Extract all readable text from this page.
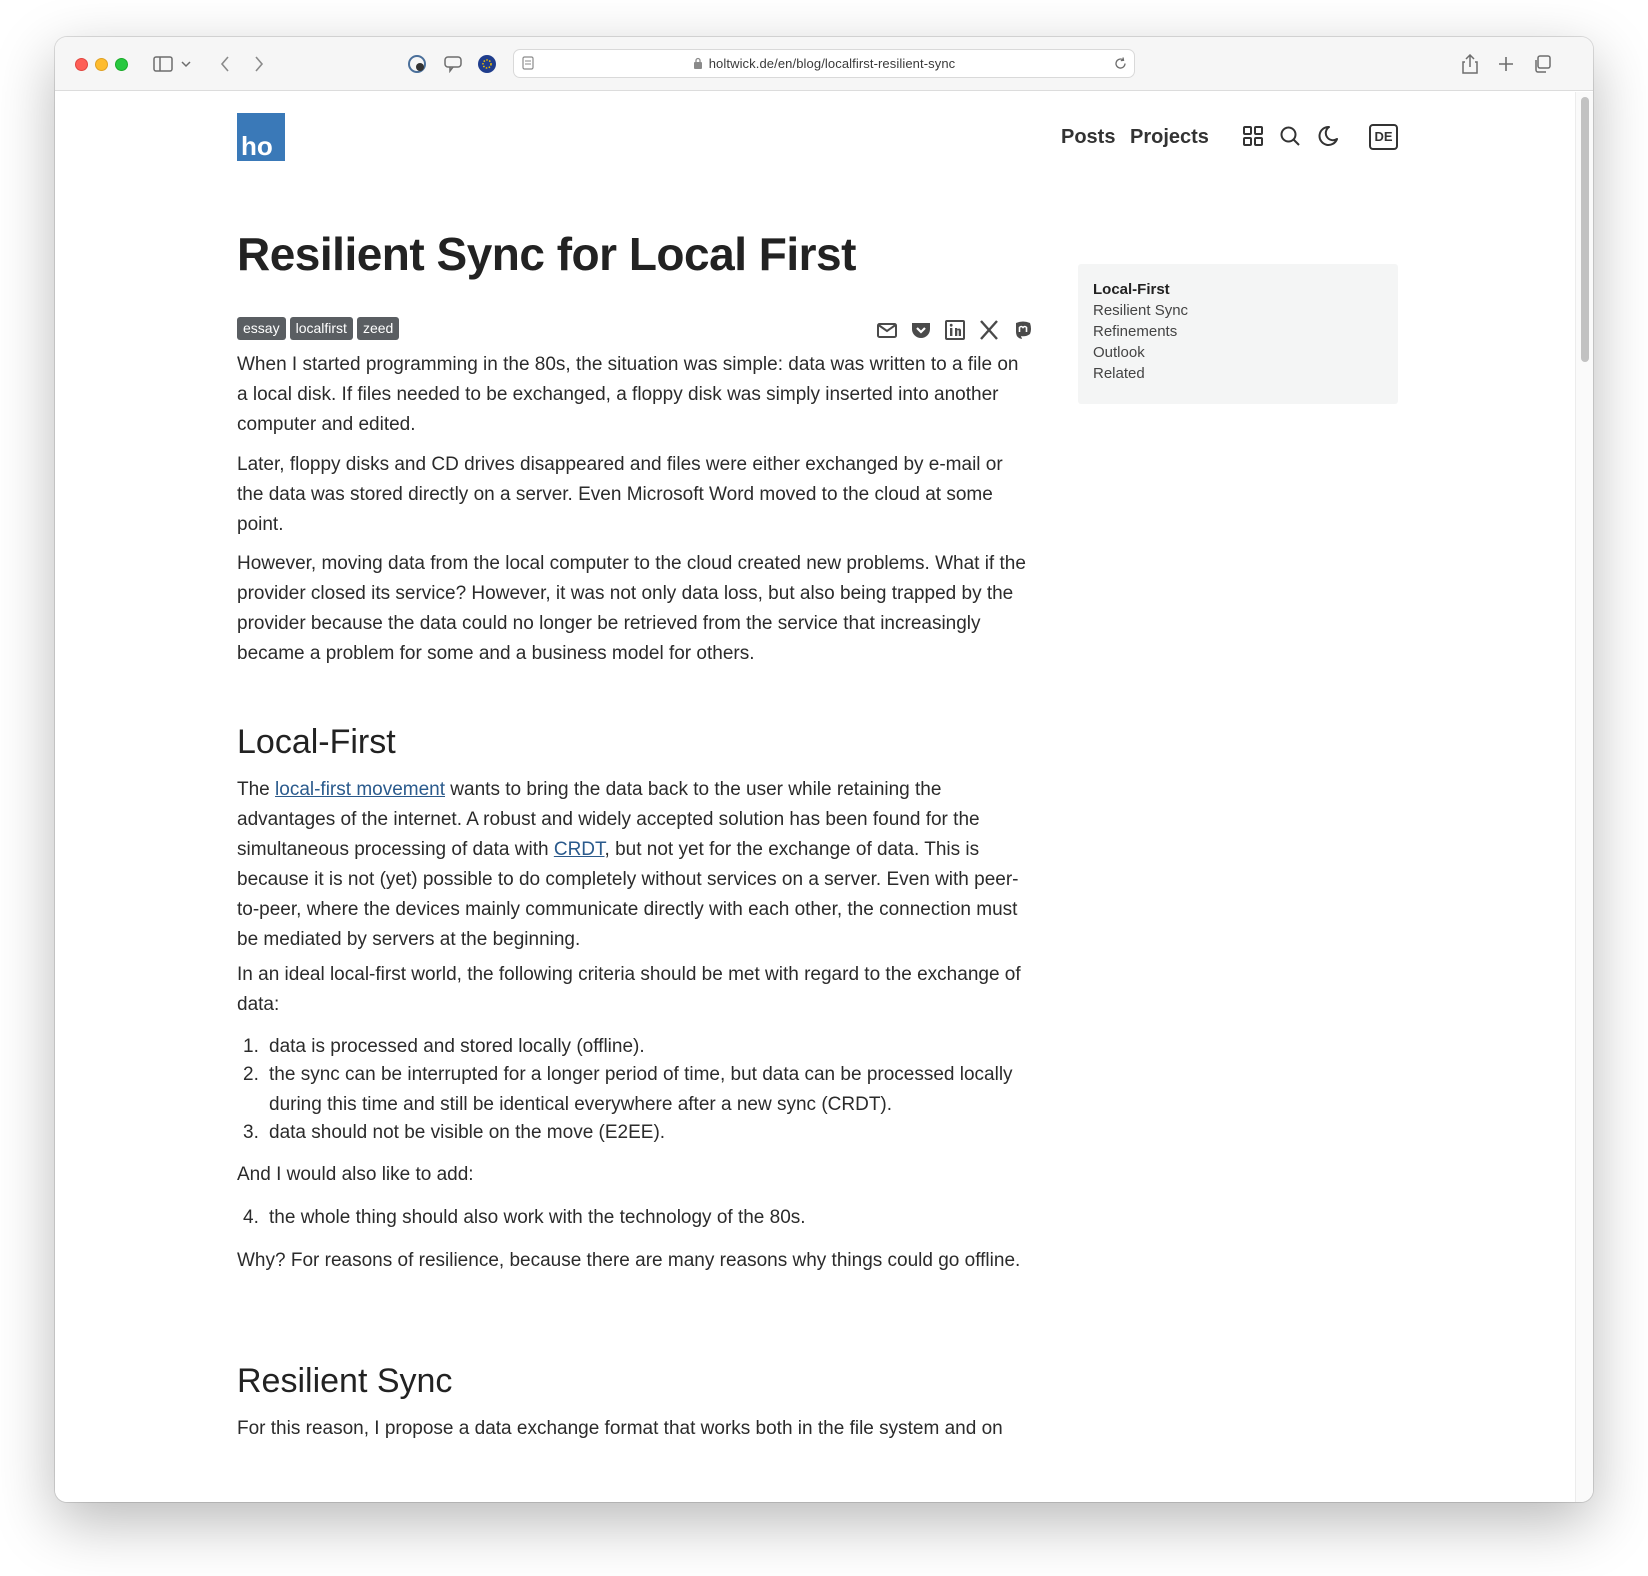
holtwick.de/en/blog/localfirst-resilient-sync
ho	Posts Projects	DE
Resilient Sync for Local First
essay	localfirst	zeed
When I started programming in the 80s, the situation was simple: data was written to a file on a local disk. If files needed to be exchanged, a floppy disk was simply inserted into another computer and edited.
Later, floppy disks and CD drives disappeared and files were either exchanged by e-mail or the data was stored directly on a server. Even Microsoft Word moved to the cloud at some point.
However, moving data from the local computer to the cloud created new problems. What if the provider closed its service? However, it was not only data loss, but also being trapped by the provider because the data could no longer be retrieved from the service that increasingly became a problem for some and a business model for others.
Local-First
The local-first movement wants to bring the data back to the user while retaining the advantages of the internet. A robust and widely accepted solution has been found for the simultaneous processing of data with CRDT, but not yet for the exchange of data. This is because it is not (yet) possible to do completely without services on a server. Even with peer-to-peer, where the devices mainly communicate directly with each other, the connection must be mediated by servers at the beginning.
In an ideal local-first world, the following criteria should be met with regard to the exchange of data:
1. data is processed and stored locally (offline).
2. the sync can be interrupted for a longer period of time, but data can be processed locally during this time and still be identical everywhere after a new sync (CRDT).
3. data should not be visible on the move (E2EE).
And I would also like to add:
4. the whole thing should also work with the technology of the 80s.
Why? For reasons of resilience, because there are many reasons why things could go offline.
Resilient Sync
For this reason, I propose a data exchange format that works both in the file system and on
Local-First
Resilient Sync
Refinements
Outlook
Related
